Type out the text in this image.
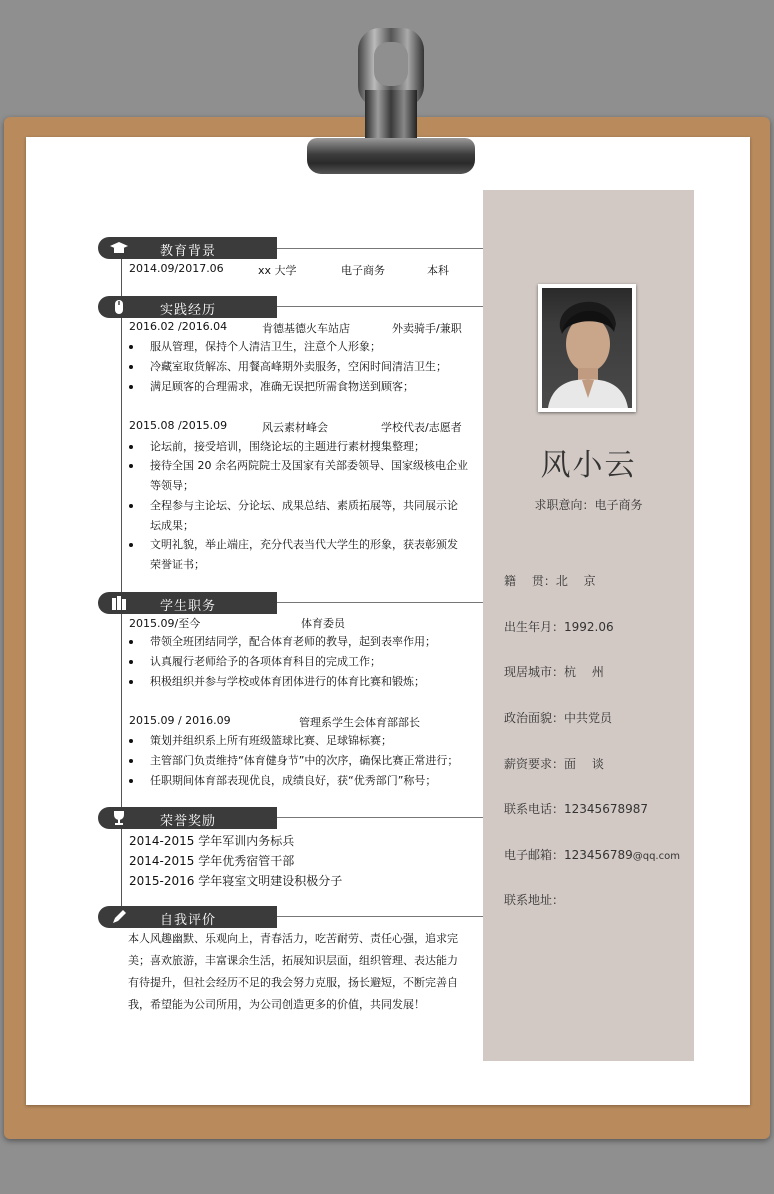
教育背景
2014.09/2017.06	xx 大学	电子商务	本科
实践经历
2016.02 /2016.04	肯德基德火车站店	外卖骑手/兼职
服从管理，保持个人清洁卫生，注意个人形象；
冷藏室取货解冻、用餐高峰期外卖服务，空闲时间清洁卫生；
满足顾客的合理需求，准确无误把所需食物送到顾客；
2015.08 /2015.09	风云素材峰会	学校代表/志愿者
论坛前，接受培训，围绕论坛的主题进行素材搜集整理；
接待全国 20 余名两院院士及国家有关部委领导、国家级核电企业
等领导；
全程参与主论坛、分论坛、成果总结、素质拓展等，共同展示论
坛成果；
文明礼貌，举止端庄，充分代表当代大学生的形象，获表彰颁发
荣誉证书；
学生职务
2015.09/至今	体育委员
带领全班团结同学，配合体育老师的教导，起到表率作用；
认真履行老师给予的各项体育科目的完成工作；
积极组织并参与学校或体育团体进行的体育比赛和锻炼；
2015.09 / 2016.09	管理系学生会体育部部长
策划并组织系上所有班级篮球比赛、足球锦标赛；
主管部门负责维持“体育健身节”中的次序，确保比赛正常进行；
任职期间体育部表现优良，成绩良好，获“优秀部门”称号；
荣誉奖励
2014-2015 学年军训内务标兵
2014-2015 学年优秀宿管干部
2015-2016 学年寝室文明建设积极分子
自我评价
本人风趣幽默、乐观向上，青春活力，吃苦耐劳、责任心强，追求完
美；喜欢旅游，丰富课余生活，拓展知识层面，组织管理、表达能力
有待提升，但社会经历不足的我会努力克服，扬长避短，不断完善自
我，希望能为公司所用，为公司创造更多的价值，共同发展！
风小云
求职意向：电子商务
籍　 贯：北　 京
出生年月：1992.06
现居城市：杭　 州
政治面貌：中共党员
薪资要求：面　 谈
联系电话：12345678987
电子邮箱：123456789@qq.com
联系地址：
